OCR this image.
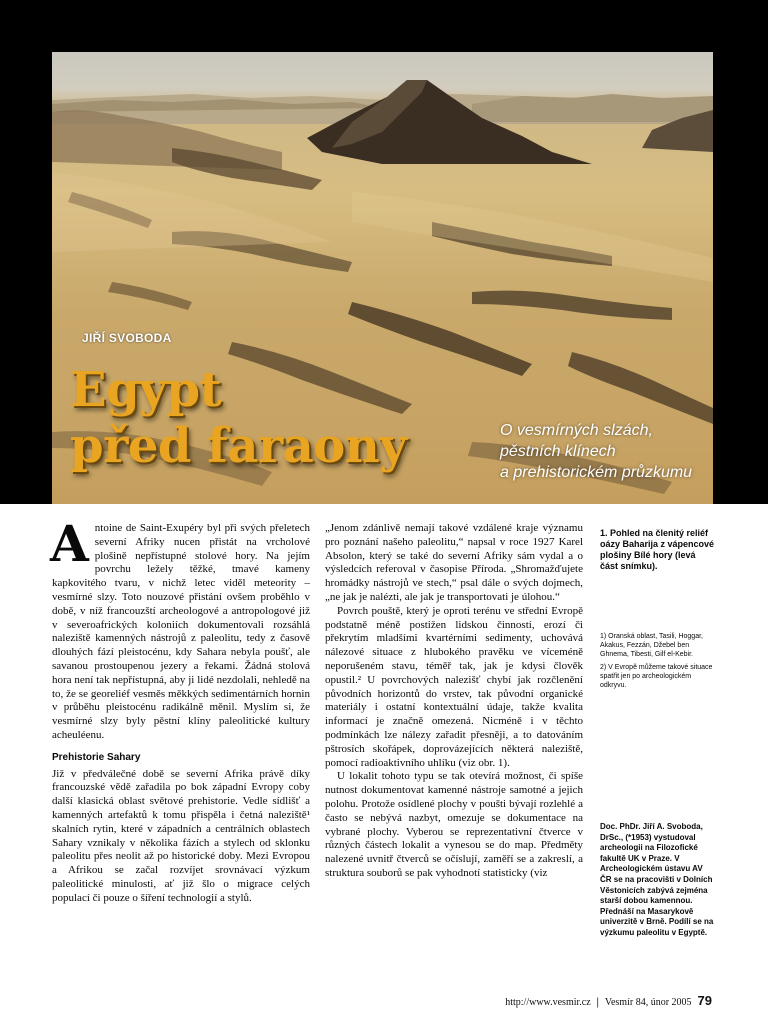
JIŘÍ SVOBODA
Egypt
před faraony	O vesmírných slzách,
pěstních klínech
a prehistorickém průzkumu

Antoine de Saint-Exupéry byl při svých přeletech severní Afriky nucen přistát na vrcholové plošině nepřístupné stolové hory. Na jejím povrchu ležely těžké, tmavé kameny kapkovitého tvaru, v nichž letec viděl meteority – vesmírné slzy. Toto nouzové přistání ovšem proběhlo v době, v níž francouzští archeologové a antropologové již v severoafrických koloniích dokumentovali rozsáhlá naleziště kamenných nástrojů z paleolitu, tedy z časově dlouhých fází pleistocénu, kdy Sahara nebyla poušť, ale savanou prostoupenou jezery a řekami. Žádná stolová hora není tak nepřístupná, aby ji lidé nezdolali, nehledě na to, že se georeliéf vesměs měkkých sedimentárních hornin v průběhu pleistocénu radikálně měnil. Myslím si, že vesmírné slzy byly pěstní klíny paleolitické kultury acheuléenu.

Prehistorie Sahary

Již v předválečné době se severní Afrika právě díky francouzské vědě zařadila po bok západní Evropy coby další klasická oblast světové prehistorie. Vedle sídlišť a kamenných artefaktů k tomu přispěla i četná naleziště¹ skalních rytin, které v západních a centrálních oblastech Sahary vznikaly v několika fázích a stylech od sklonku paleolitu přes neolit až po historické doby. Mezi Evropou a Afrikou se začal rozvíjet srovnávací výzkum paleolitické minulosti, ať již šlo o migrace celých populací či pouze o šíření technologií a stylů.

„Jenom zdánlivě nemají takové vzdálené kraje významu pro poznání našeho paleolitu,“ napsal v roce 1927 Karel Absolon, který se také do severní Afriky sám vydal a o výsledcích referoval v časopise Příroda. „Shromažďujete hromádky nástrojů ve stech,“ psal dále o svých dojmech, „ne jak je nalézti, ale jak je transportovati je úlohou.“

Povrch pouště, který je oproti terénu ve střední Evropě podstatně méně postižen lidskou činností, erozí či překrytím mladšími kvartérními sedimenty, uchovává nálezové situace z hlubokého pravěku ve víceméně neporušeném stavu, téměř tak, jak je kdysi člověk opustil.² U povrchových nalezišť chybí jak rozčlenění původních horizontů do vrstev, tak původní organické materiály i ostatní kontextuální údaje, takže kvalita informací je značně omezená. Nicméně i v těchto podmínkách lze nálezy zařadit přesněji, a to datováním pštrosích skořápek, doprovázejících některá naleziště, pomocí radioaktivního uhlíku (viz obr. 1).

U lokalit tohoto typu se tak otevírá možnost, či spíše nutnost dokumentovat kamenné nástroje samotné a jejich polohu. Protože osídlené plochy v poušti bývají rozlehlé a často se nebývá nazbyt, omezuje se dokumentace na vybrané plochy. Vyberou se reprezentativní čtverce v různých částech lokalit a vynesou se do map. Předměty nalezené uvnitř čtverců se očíslují, zaměří se a zakreslí, a struktura souborů se pak vyhodnotí statisticky (viz

1. Pohled na členitý reliéf oázy Baharija z vápencové plošiny Bílé hory (levá část snímku).

1) Oranská oblast, Tasili, Hoggar, Akakus, Fezzán, Džebel ben Ghnema, Tibesti, Gilf el-Kebir.

2) V Evropě můžeme takové situace spatřit jen po archeologickém odkryvu.

Doc. PhDr. Jiří A. Svoboda, DrSc., (*1953) vystudoval archeologii na Filozofické fakultě UK v Praze. V Archeologickém ústavu AV ČR se na pracovišti v Dolních Věstonicích zabývá zejména starší dobou kamennou. Přednáší na Masarykově univerzitě v Brně. Podílí se na výzkumu paleolitu v Egyptě.
http://www.vesmir.cz | Vesmír 84, únor 2005 79
